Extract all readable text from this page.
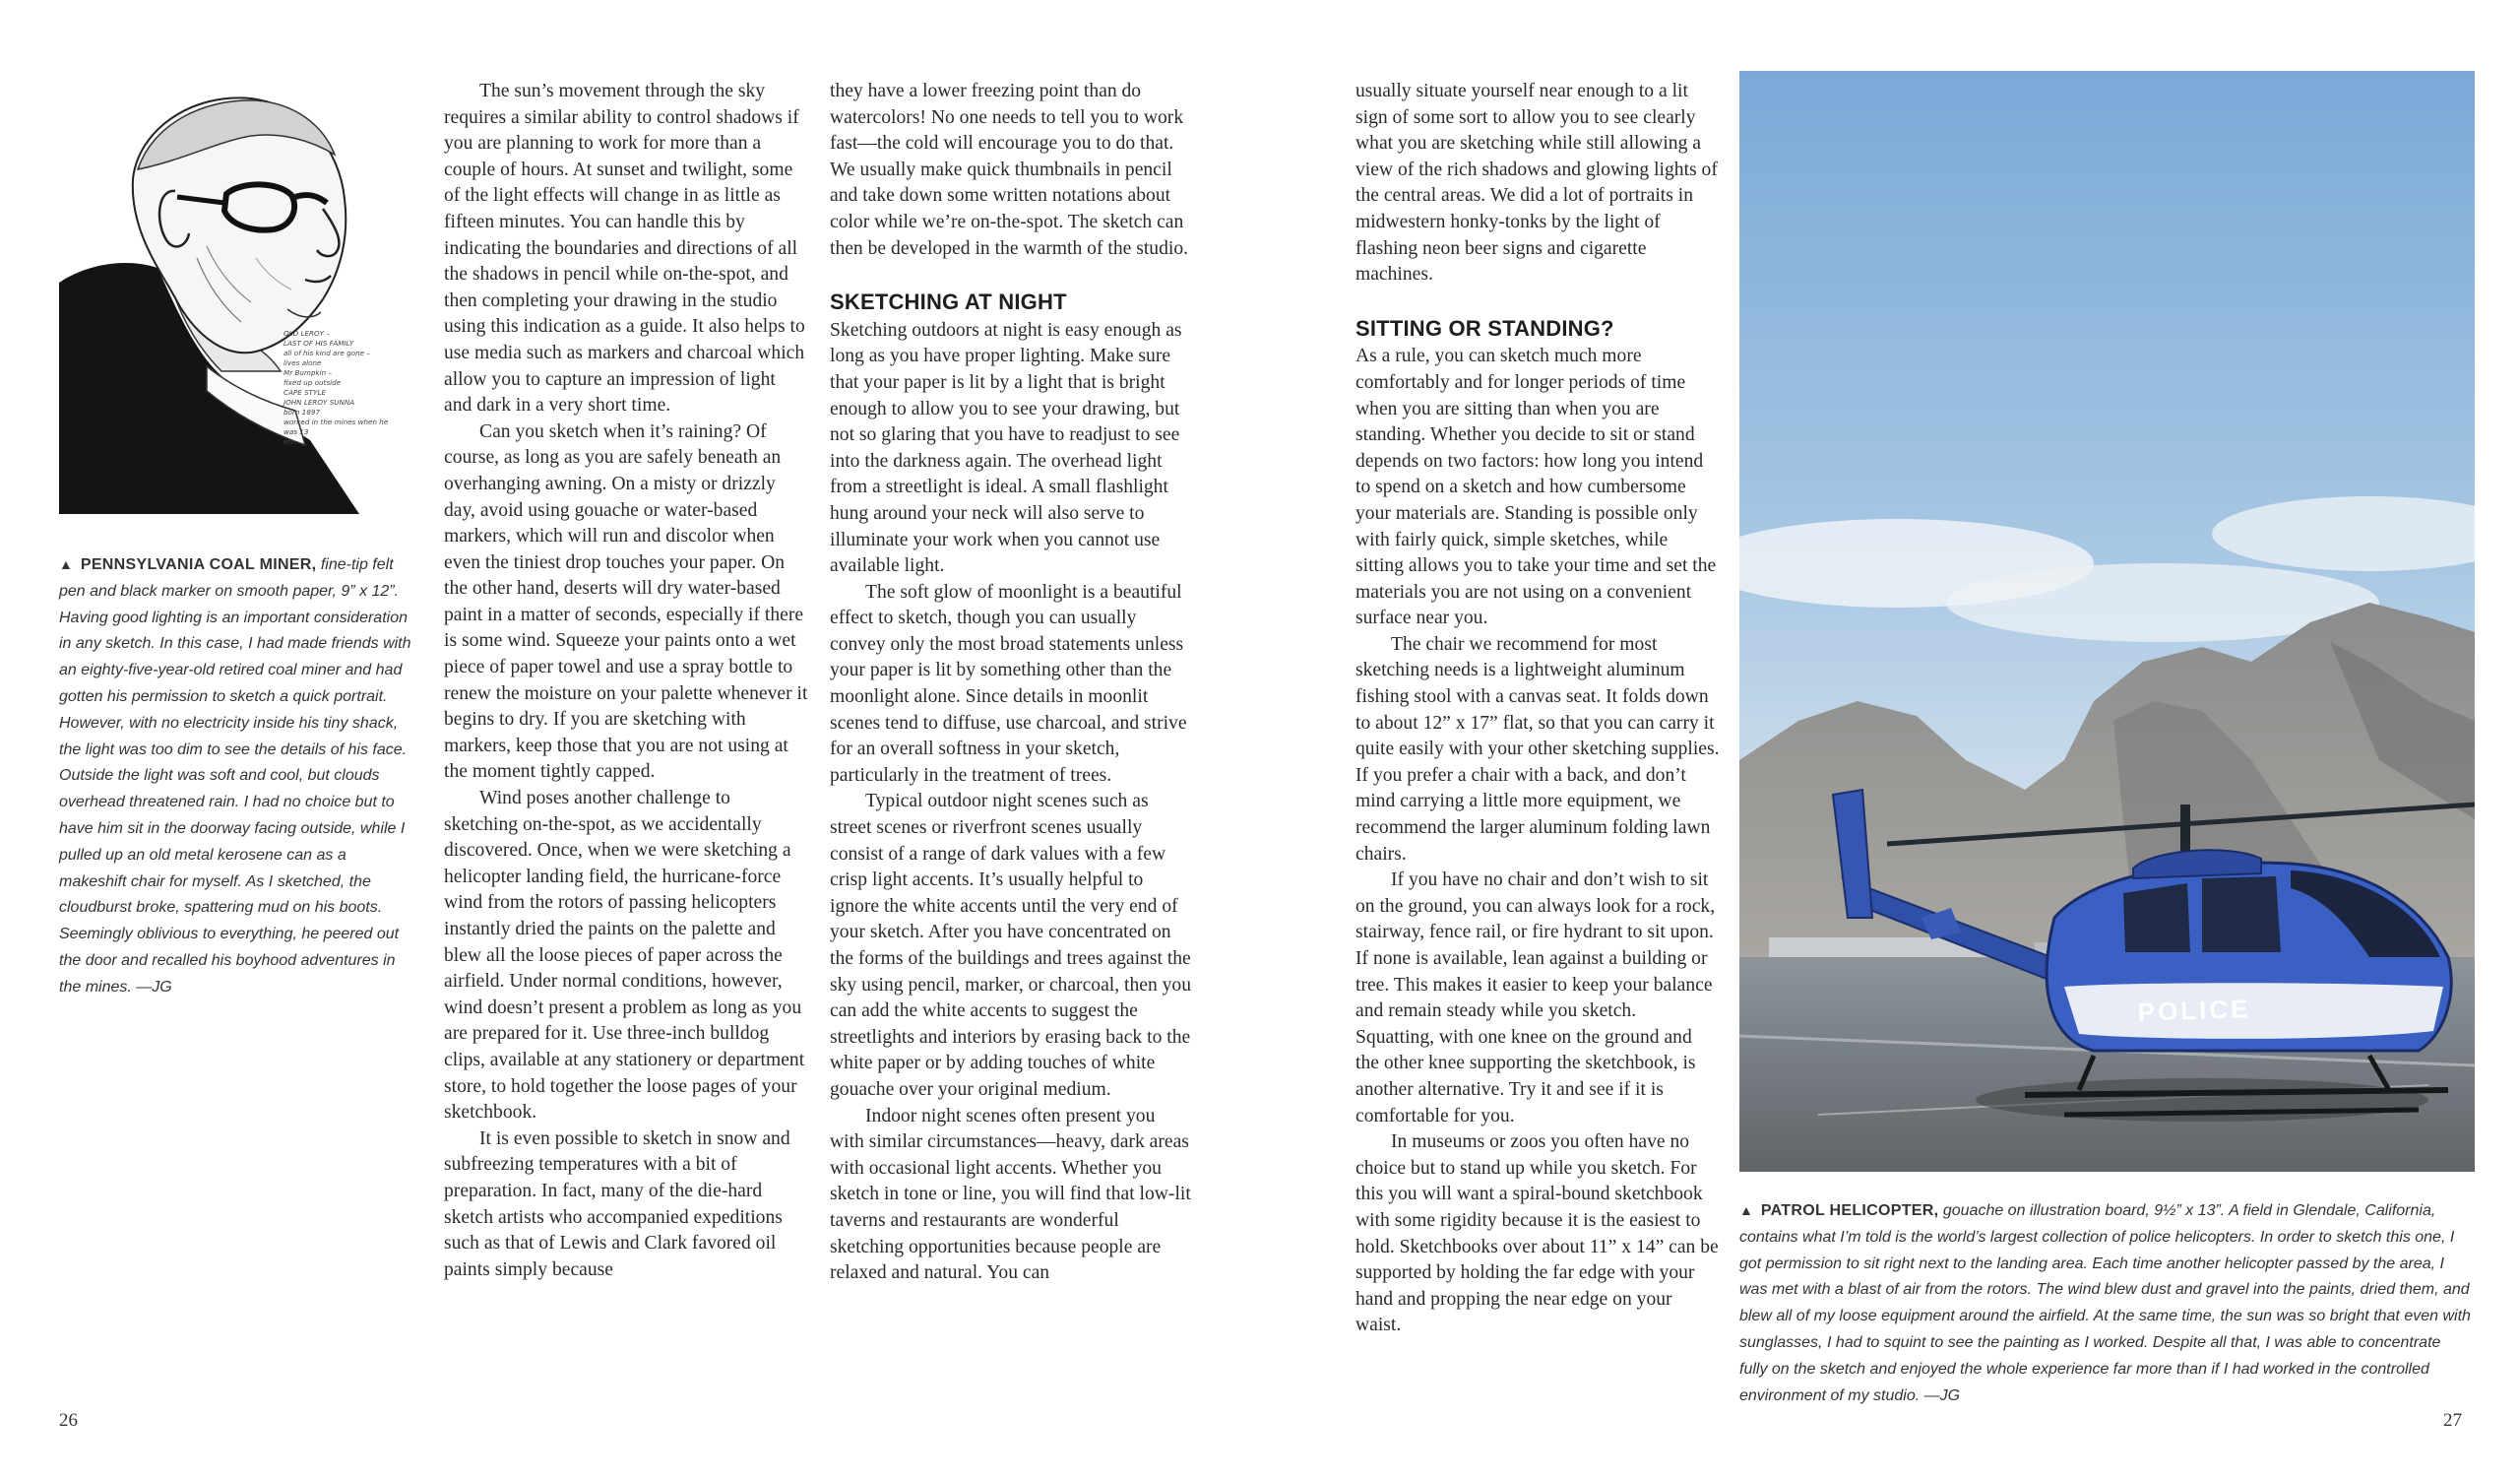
OLD LEROY –
LAST OF HIS FAMILY
all of his kind are gone –
lives alone
Mr Bumpkin –
fixed up outside
CAPE STYLE
JOHN LEROY SUNNA
born 1897
worked in the mines when he
was 13
etc.
▲ PENNSYLVANIA COAL MINER, fine-tip felt pen and black marker on smooth paper, 9” x 12”. Having good lighting is an important consideration in any sketch. In this case, I had made friends with an eighty-five-year-old retired coal miner and had gotten his permission to sketch a quick portrait. However, with no electricity inside his tiny shack, the light was too dim to see the details of his face. Outside the light was soft and cool, but clouds overhead threatened rain. I had no choice but to have him sit in the doorway facing outside, while I pulled up an old metal kerosene can as a makeshift chair for myself. As I sketched, the cloudburst broke, spattering mud on his boots. Seemingly oblivious to everything, he peered out the door and recalled his boyhood adventures in the mines. —JG

The sun’s movement through the sky requires a similar ability to control shadows if you are planning to work for more than a couple of hours. At sunset and twilight, some of the light effects will change in as little as fifteen minutes. You can handle this by indicating the boundaries and directions of all the shadows in pencil while on-the-spot, and then completing your drawing in the studio using this indication as a guide. It also helps to use media such as markers and charcoal which allow you to capture an impression of light and dark in a very short time.

Can you sketch when it’s raining? Of course, as long as you are safely beneath an overhanging awning. On a misty or drizzly day, avoid using gouache or water-based markers, which will run and discolor when even the tiniest drop touches your paper. On the other hand, deserts will dry water-based paint in a matter of seconds, especially if there is some wind. Squeeze your paints onto a wet piece of paper towel and use a spray bottle to renew the moisture on your palette whenever it begins to dry. If you are sketching with markers, keep those that you are not using at the moment tightly capped.

Wind poses another challenge to sketching on-the-spot, as we accidentally discovered. Once, when we were sketching a helicopter landing field, the hurricane-force wind from the rotors of passing helicopters instantly dried the paints on the palette and blew all the loose pieces of paper across the airfield. Under normal conditions, however, wind doesn’t present a problem as long as you are prepared for it. Use three-inch bulldog clips, available at any stationery or department store, to hold together the loose pages of your sketchbook.

It is even possible to sketch in snow and subfreezing temperatures with a bit of preparation. In fact, many of the die-hard sketch artists who accompanied expeditions such as that of Lewis and Clark favored oil paints simply because

they have a lower freezing point than do watercolors! No one needs to tell you to work fast—the cold will encourage you to do that. We usually make quick thumbnails in pencil and take down some written notations about color while we’re on-the-spot. The sketch can then be developed in the warmth of the studio.

SKETCHING AT NIGHT

Sketching outdoors at night is easy enough as long as you have proper lighting. Make sure that your paper is lit by a light that is bright enough to allow you to see your drawing, but not so glaring that you have to readjust to see into the darkness again. The overhead light from a streetlight is ideal. A small flashlight hung around your neck will also serve to illuminate your work when you cannot use available light.

The soft glow of moonlight is a beautiful effect to sketch, though you can usually convey only the most broad statements unless your paper is lit by something other than the moonlight alone. Since details in moonlit scenes tend to diffuse, use charcoal, and strive for an overall softness in your sketch, particularly in the treatment of trees.

Typical outdoor night scenes such as street scenes or riverfront scenes usually consist of a range of dark values with a few crisp light accents. It’s usually helpful to ignore the white accents until the very end of your sketch. After you have concentrated on the forms of the buildings and trees against the sky using pencil, marker, or charcoal, then you can add the white accents to suggest the streetlights and interiors by erasing back to the white paper or by adding touches of white gouache over your original medium.

Indoor night scenes often present you with similar circumstances—heavy, dark areas with occasional light accents. Whether you sketch in tone or line, you will find that low-lit taverns and restaurants are wonderful sketching opportunities because people are relaxed and natural. You can

26

usually situate yourself near enough to a lit sign of some sort to allow you to see clearly what you are sketching while still allowing a view of the rich shadows and glowing lights of the central areas. We did a lot of portraits in midwestern honky-tonks by the light of flashing neon beer signs and cigarette machines.

SITTING OR STANDING?

As a rule, you can sketch much more comfortably and for longer periods of time when you are sitting than when you are standing. Whether you decide to sit or stand depends on two factors: how long you intend to spend on a sketch and how cumbersome your materials are. Standing is possible only with fairly quick, simple sketches, while sitting allows you to take your time and set the materials you are not using on a convenient surface near you.

The chair we recommend for most sketching needs is a lightweight aluminum fishing stool with a canvas seat. It folds down to about 12” x 17” flat, so that you can carry it quite easily with your other sketching supplies. If you prefer a chair with a back, and don’t mind carrying a little more equipment, we recommend the larger aluminum folding lawn chairs.

If you have no chair and don’t wish to sit on the ground, you can always look for a rock, stairway, fence rail, or fire hydrant to sit upon. If none is available, lean against a building or tree. This makes it easier to keep your balance and remain steady while you sketch. Squatting, with one knee on the ground and the other knee supporting the sketchbook, is another alternative. Try it and see if it is comfortable for you.

In museums or zoos you often have no choice but to stand up while you sketch. For this you will want a spiral-bound sketchbook with some rigidity because it is the easiest to hold. Sketchbooks over about 11” x 14” can be supported by holding the far edge with your hand and propping the near edge on your waist.

POLICE
▲ PATROL HELICOPTER, gouache on illustration board, 9½” x 13”. A field in Glendale, California, contains what I’m told is the world’s largest collection of police helicopters. In order to sketch this one, I got permission to sit right next to the landing area. Each time another helicopter passed by the area, I was met with a blast of air from the rotors. The wind blew dust and gravel into the paints, dried them, and blew all of my loose equipment around the airfield. At the same time, the sun was so bright that even with sunglasses, I had to squint to see the painting as I worked. Despite all that, I was able to concentrate fully on the sketch and enjoyed the whole experience far more than if I had worked in the controlled environment of my studio. —JG
27
